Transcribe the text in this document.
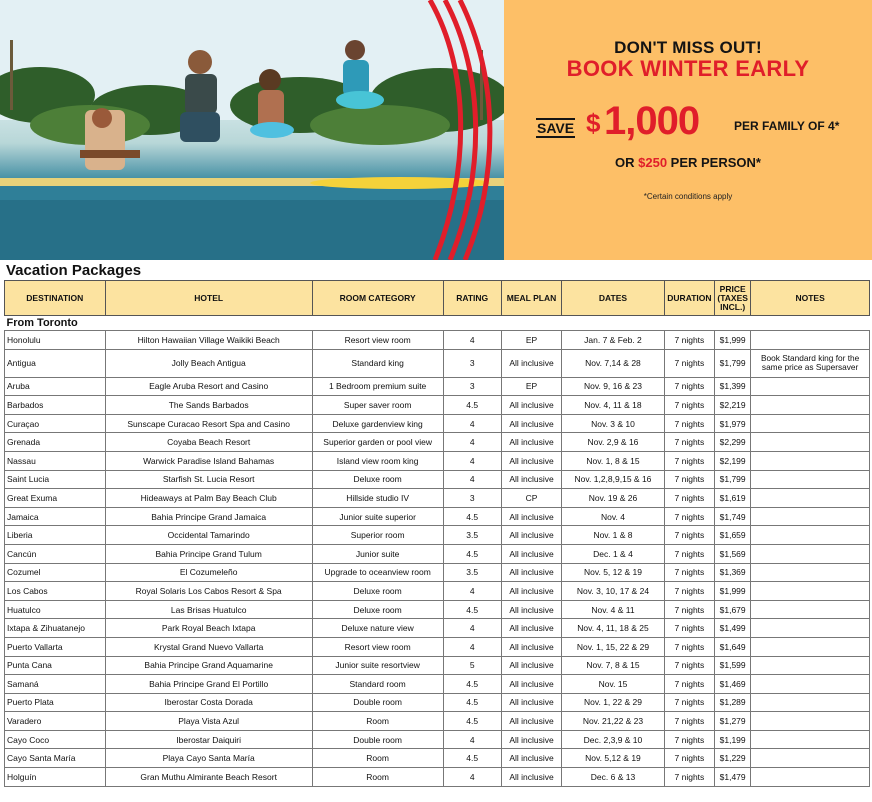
DON'T MISS OUT!
BOOK WINTER EARLY
SAVE $ 1,000	PER FAMILY OF 4*
OR $250 PER PERSON*
*Certain conditions apply
Vacation Packages
DESTINATION	HOTEL	ROOM CATEGORY	RATING	MEAL PLAN	DATES	DURATION	PRICE (TAXES INCL.)	NOTES
From Toronto								
Honolulu	Hilton Hawaiian Village Waikiki Beach	Resort view room	4	EP	Jan. 7 & Feb. 2	7 nights	$1,999	
Antigua	Jolly Beach Antigua	Standard king	3	All inclusive	Nov. 7,14 & 28	7 nights	$1,799	Book Standard king for the same price as Supersaver
Aruba	Eagle Aruba Resort and Casino	1 Bedroom premium suite	3	EP	Nov. 9, 16 & 23	7 nights	$1,399	
Barbados	The Sands Barbados	Super saver room	4.5	All inclusive	Nov. 4, 11 & 18	7 nights	$2,219	
Curaçao	Sunscape Curacao Resort Spa and Casino	Deluxe gardenview king	4	All inclusive	Nov. 3 & 10	7 nights	$1,979	
Grenada	Coyaba Beach Resort	Superior garden or pool view	4	All inclusive	Nov. 2,9 & 16	7 nights	$2,299	
Nassau	Warwick Paradise Island Bahamas	Island view room king	4	All inclusive	Nov. 1, 8 & 15	7 nights	$2,199	
Saint Lucia	Starfish St. Lucia Resort	Deluxe room	4	All inclusive	Nov. 1,2,8,9,15 & 16	7 nights	$1,799	
Great Exuma	Hideaways at Palm Bay Beach Club	Hillside studio IV	3	CP	Nov. 19 & 26	7 nights	$1,619	
Jamaica	Bahia Principe Grand Jamaica	Junior suite superior	4.5	All inclusive	Nov. 4	7 nights	$1,749	
Liberia	Occidental Tamarindo	Superior room	3.5	All inclusive	Nov. 1 & 8	7 nights	$1,659	
Cancún	Bahia Principe Grand Tulum	Junior suite	4.5	All inclusive	Dec. 1 & 4	7 nights	$1,569	
Cozumel	El Cozumeleño	Upgrade to oceanview room	3.5	All inclusive	Nov. 5, 12 & 19	7 nights	$1,369	
Los Cabos	Royal Solaris Los Cabos Resort & Spa	Deluxe room	4	All inclusive	Nov. 3, 10, 17 & 24	7 nights	$1,999	
Huatulco	Las Brisas Huatulco	Deluxe room	4.5	All inclusive	Nov. 4 & 11	7 nights	$1,679	
Ixtapa & Zihuatanejo	Park Royal Beach Ixtapa	Deluxe nature view	4	All inclusive	Nov. 4, 11, 18 & 25	7 nights	$1,499	
Puerto Vallarta	Krystal Grand Nuevo Vallarta	Resort view room	4	All inclusive	Nov. 1, 15, 22 & 29	7 nights	$1,649	
Punta Cana	Bahia Principe Grand Aquamarine	Junior suite resortview	5	All inclusive	Nov. 7, 8 & 15	7 nights	$1,599	
Samaná	Bahia Principe Grand El Portillo	Standard room	4.5	All inclusive	Nov. 15	7 nights	$1,469	
Puerto Plata	Iberostar Costa Dorada	Double room	4.5	All inclusive	Nov. 1, 22 & 29	7 nights	$1,289	
Varadero	Playa Vista Azul	Room	4.5	All inclusive	Nov. 21,22 & 23	7 nights	$1,279	
Cayo Coco	Iberostar Daiquiri	Double room	4	All inclusive	Dec. 2,3,9 & 10	7 nights	$1,199	
Cayo Santa María	Playa Cayo Santa María	Room	4.5	All inclusive	Nov. 5,12 & 19	7 nights	$1,229	
Holguín	Gran Muthu Almirante Beach Resort	Room	4	All inclusive	Dec. 6 & 13	7 nights	$1,479	
